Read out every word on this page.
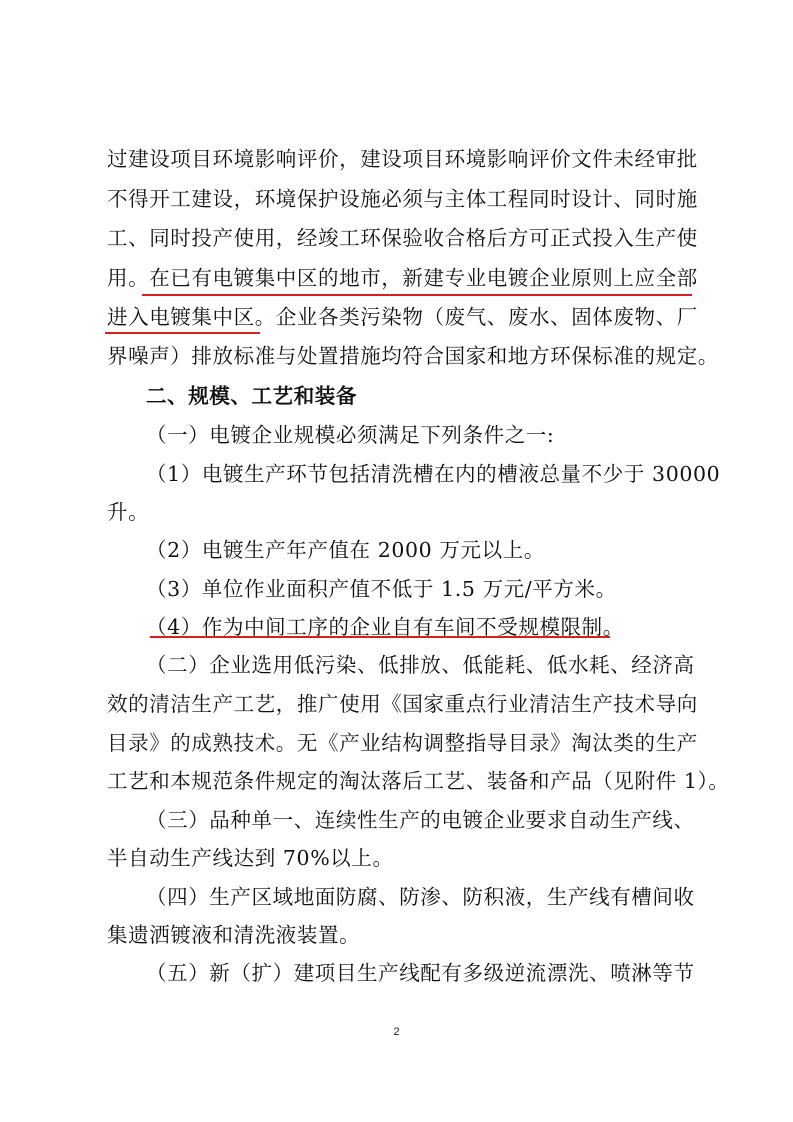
过建设项目环境影响评价，建设项目环境影响评价文件未经审批
不得开工建设，环境保护设施必须与主体工程同时设计、同时施
工、同时投产使用，经竣工环保验收合格后方可正式投入生产使
用。在已有电镀集中区的地市，新建专业电镀企业原则上应全部
进入电镀集中区。企业各类污染物（废气、废水、固体废物、厂
界噪声）排放标准与处置措施均符合国家和地方环保标准的规定。
二、规模、工艺和装备
（一）电镀企业规模必须满足下列条件之一:
（1）电镀生产环节包括清洗槽在内的槽液总量不少于 30000
升。
（2）电镀生产年产值在 2000 万元以上。
（3）单位作业面积产值不低于 1.5 万元/平方米。
（4）作为中间工序的企业自有车间不受规模限制。
（二）企业选用低污染、低排放、低能耗、低水耗、经济高
效的清洁生产工艺，推广使用《国家重点行业清洁生产技术导向
目录》的成熟技术。无《产业结构调整指导目录》淘汰类的生产
工艺和本规范条件规定的淘汰落后工艺、装备和产品（见附件 1）。
（三）品种单一、连续性生产的电镀企业要求自动生产线、
半自动生产线达到 70%以上。
（四）生产区域地面防腐、防渗、防积液，生产线有槽间收
集遗洒镀液和清洗液装置。
（五）新（扩）建项目生产线配有多级逆流漂洗、喷淋等节
2
